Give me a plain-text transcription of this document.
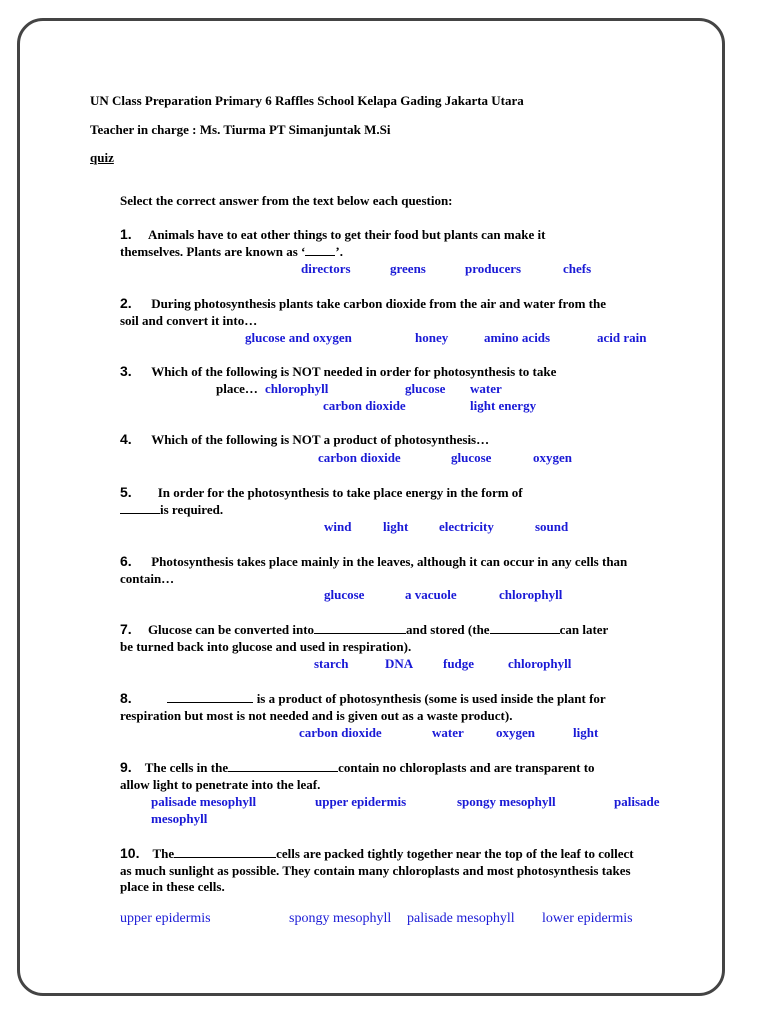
UN Class Preparation Primary 6 Raffles School Kelapa Gading Jakarta Utara
Teacher in charge : Ms. Tiurma PT Simanjuntak M.Si
quiz
Select the correct answer from the text below each question:
1. Animals have to eat other things to get their food but plants can make it
themselves. Plants are known as ‘ ’.
directors	greens	producers	chefs
2. During photosynthesis plants take carbon dioxide from the air and water from the
soil and convert it into…
glucose and oxygen	honey	amino acids	acid rain
3. Which of the following is NOT needed in order for photosynthesis to take
place… chlorophyll	glucose water
carbon dioxide	light energy
4. Which of the following is NOT a product of photosynthesis…
carbon dioxide	glucose	oxygen
5. In order for the photosynthesis to take place energy in the form of
is required.
wind light electricity	sound
6. Photosynthesis takes place mainly in the leaves, although it can occur in any cells than
contain…
glucose	a vacuole	chlorophyll
7. Glucose can be converted into	and stored (the	can later
be turned back into glucose and used in respiration).
starch	DNA fudge	chlorophyll
8.	is a product of photosynthesis (some is used inside the plant for
respiration but most is not needed and is given out as a waste product).
carbon dioxide	water oxygen	light
9. The cells in the	contain no chloroplasts and are transparent to
allow light to penetrate into the leaf.
palisade mesophyll	upper epidermis	spongy mesophyll	palisade
mesophyll
10. The	cells are packed tightly together near the top of the leaf to collect
as much sunlight as possible. They contain many chloroplasts and most photosynthesis takes
place in these cells.
upper epidermis	spongy mesophyll palisade mesophyll lower epidermis
